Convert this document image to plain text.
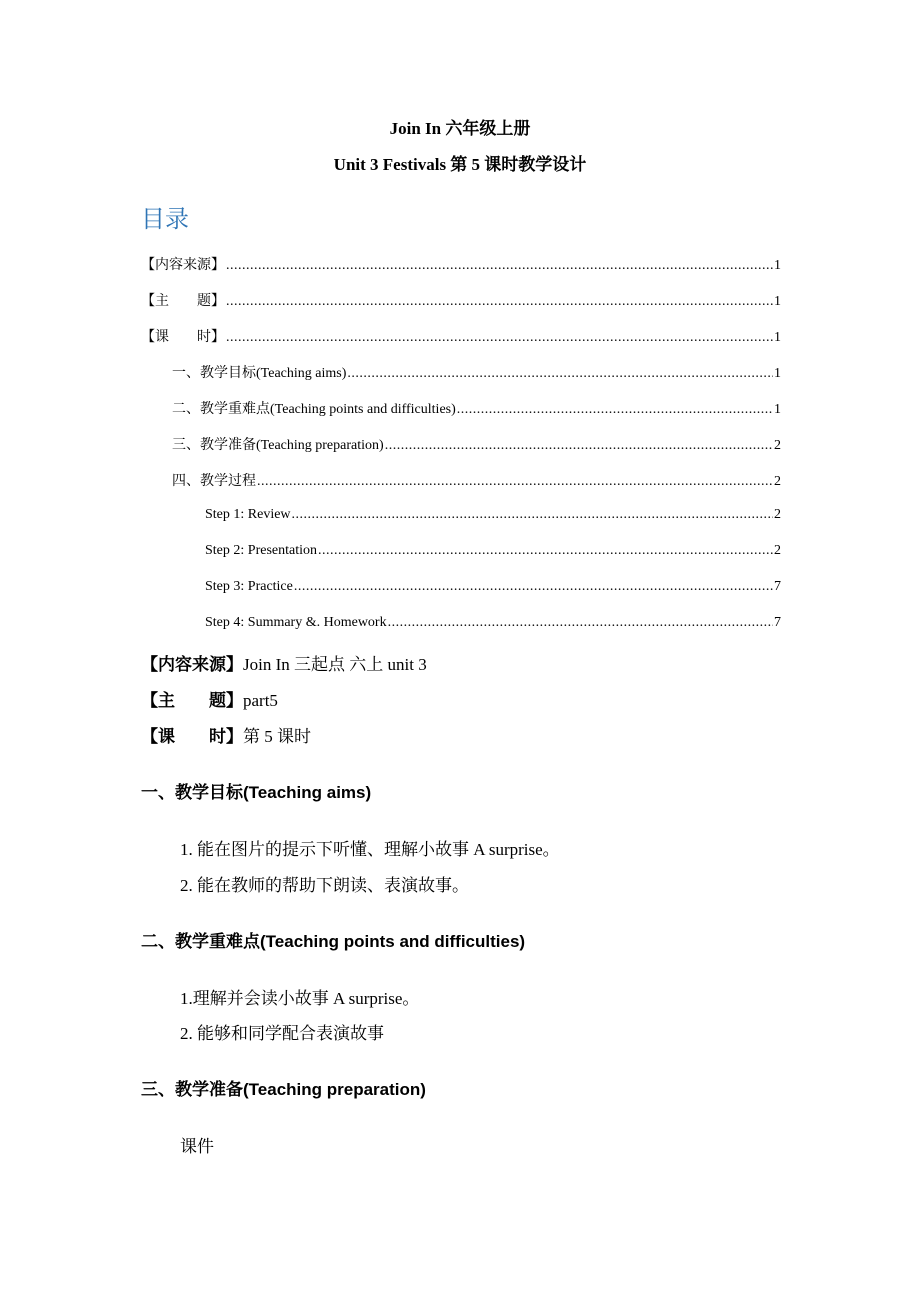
Join In 六年级上册
Unit 3 Festivals 第 5 课时教学设计
目录
【内容来源】 .....	1
【主　　题】 .....	1
【课　　时】 .....	1
一、教学目标(Teaching aims) .....	1
二、教学重难点(Teaching points and difficulties) .....	1
三、教学准备(Teaching preparation) .....	2
四、教学过程 .....	2
Step 1: Review .....	2
Step 2: Presentation .....	2
Step 3: Practice .....	7
Step 4: Summary &. Homework .....	7
【内容来源】Join In 三起点 六上 unit 3
【主　　题】part5
【课　　时】第 5 课时
一、教学目标(Teaching aims)
1. 能在图片的提示下听懂、理解小故事 A surprise。
2. 能在教师的帮助下朗读、表演故事。
二、教学重难点(Teaching points and difficulties)
1.理解并会读小故事 A surprise。
2. 能够和同学配合表演故事
三、教学准备(Teaching preparation)
课件
